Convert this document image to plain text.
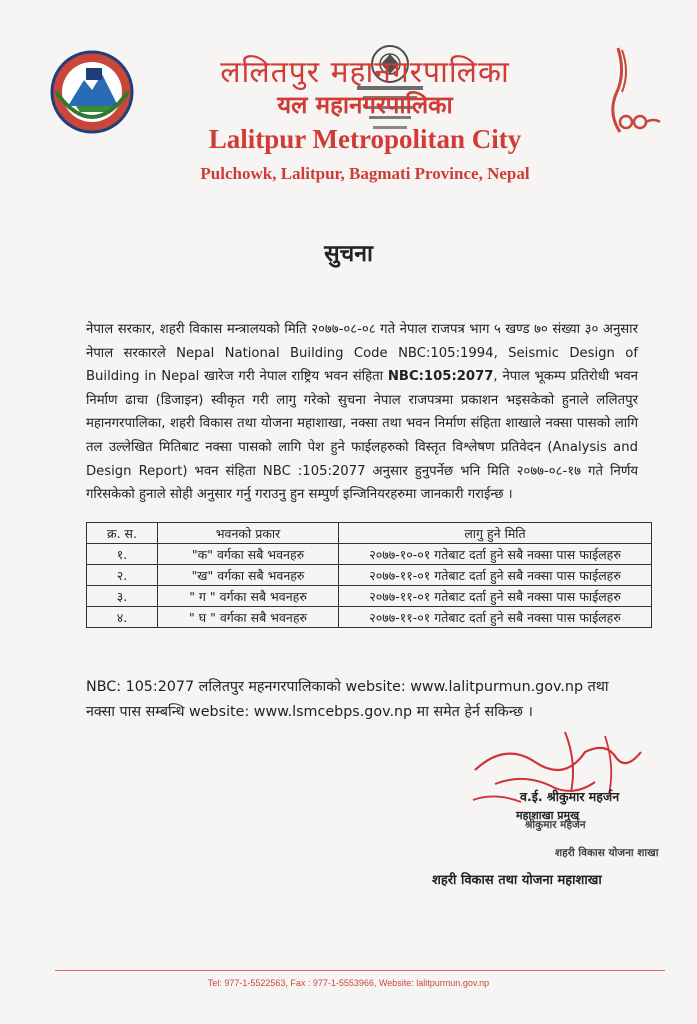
ललितपुर महानगरपालिका
यल महानगरपालिका
Lalitpur Metropolitan City
Pulchowk, Lalitpur, Bagmati Province, Nepal
सुचना
नेपाल सरकार, शहरी विकास मन्त्रालयको मिति २०७७-०८-०८ गते नेपाल राजपत्र भाग ५ खण्ड ७० संख्या ३० अनुसार नेपाल सरकारले Nepal National Building Code NBC:105:1994, Seismic Design of Building in Nepal खारेज गरी नेपाल राष्ट्रिय भवन संहिता NBC:105:2077, नेपाल भूकम्प प्रतिरोधी भवन निर्माण ढाचा (डिजाइन) स्वीकृत गरी लागु गरेको सुचना नेपाल राजपत्रमा प्रकाशन भइसकेको हुनाले ललितपुर महानगरपालिका, शहरी विकास तथा योजना महाशाखा, नक्सा तथा भवन निर्माण संहिता शाखाले नक्सा पासको लागि तल उल्लेखित मितिबाट नक्सा पासको लागि पेश हुने फाईलहरुको विस्तृत विश्लेषण प्रतिवेदन (Analysis and Design Report) भवन संहिता NBC :105:2077 अनुसार हुनुपर्नेछ भनि मिति २०७७-०८-१७ गते निर्णय गरिसकेको हुनाले सोही अनुसार गर्नु गराउनु हुन सम्पुर्ण इन्जिनियरहरुमा जानकारी गराईन्छ ।
क्र. स.	भवनको प्रकार	लागु हुने मिति
१.	"क" वर्गका सबै भवनहरु	२०७७-१०-०१ गतेबाट दर्ता हुने सबै नक्सा पास फाईलहरु
२.	"ख" वर्गका सबै भवनहरु	२०७७-११-०१ गतेबाट दर्ता हुने सबै नक्सा पास फाईलहरु
३.	" ग " वर्गका सबै भवनहरु	२०७७-११-०१ गतेबाट दर्ता हुने सबै नक्सा पास फाईलहरु
४.	" घ " वर्गका सबै भवनहरु	२०७७-११-०१ गतेबाट दर्ता हुने सबै नक्सा पास फाईलहरु
NBC: 105:2077 ललितपुर महनगरपालिकाको website: www.lalitpurmun.gov.np तथा
नक्सा पास सम्बन्धि website: www.lsmcebps.gov.np मा समेत हेर्न सकिन्छ ।
व.ई. श्रीकुमार महर्जन
महाशाखा प्रमुख
श्रीकुमार महर्जन
शहरी विकास योजना शाखा
शहरी विकास तथा योजना महाशाखा
Tel: 977-1-5522563, Fax : 977-1-5553966, Website: lalitpurmun.gov.np
